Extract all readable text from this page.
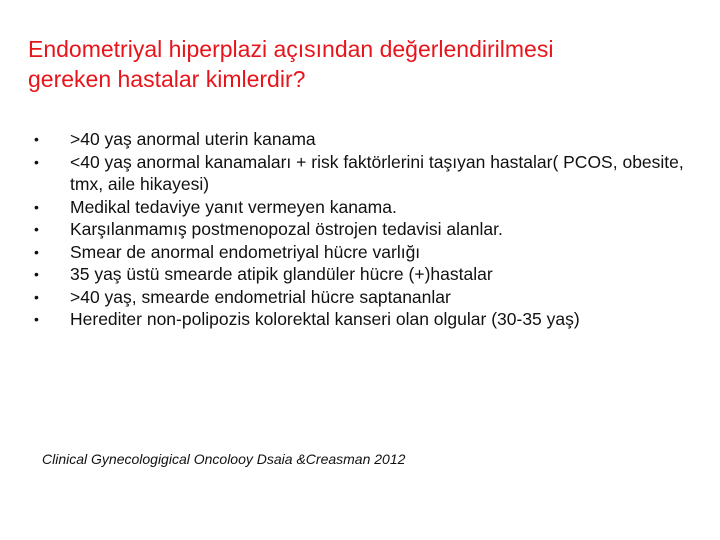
Endometriyal hiperplazi açısından değerlendirilmesi
gereken hastalar kimlerdir?
•	>40 yaş anormal uterin kanama
•	<40 yaş anormal kanamaları + risk faktörlerini taşıyan hastalar( PCOS, obesite, tmx, aile hikayesi)
•	Medikal tedaviye yanıt vermeyen kanama.
•	Karşılanmamış postmenopozal östrojen tedavisi alanlar.
•	Smear de anormal endometriyal hücre varlığı
•	35 yaş üstü smearde atipik glandüler hücre (+)hastalar
•	>40 yaş, smearde endometrial hücre saptananlar
•	Herediter non-polipozis kolorektal kanseri olan olgular (30-35 yaş)
Clinical Gynecologigical Oncolooy Dsaia &Creasman 2012
